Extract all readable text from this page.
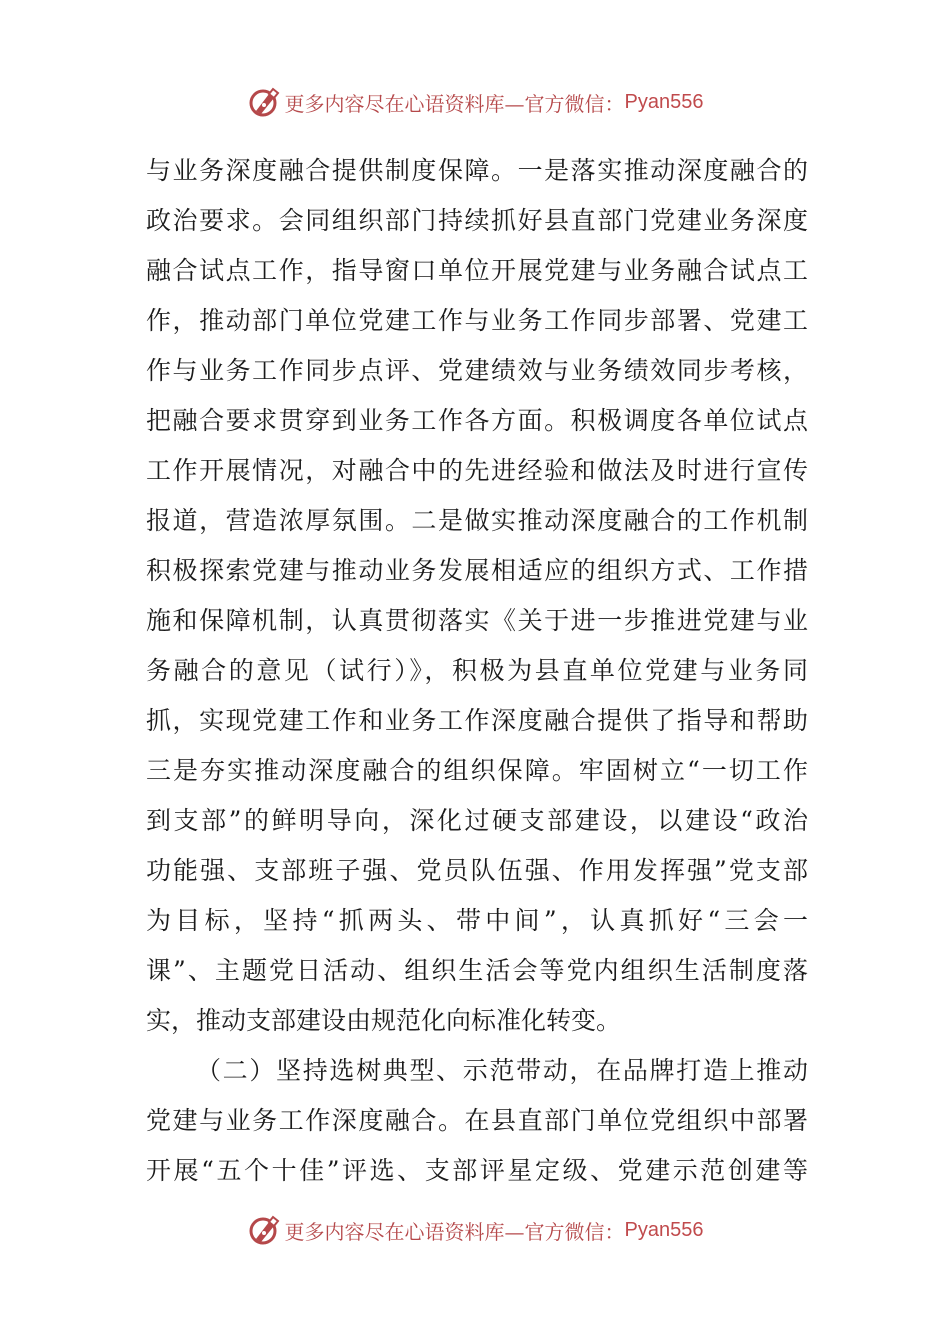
更多内容尽在心语资料库—官方微信： Pyan556
与业务深度融合提供制度保障。一是落实推动深度融合的
政治要求。会同组织部门持续抓好县直部门党建业务深度
融合试点工作，指导窗口单位开展党建与业务融合试点工
作，推动部门单位党建工作与业务工作同步部署、党建工
作与业务工作同步点评、党建绩效与业务绩效同步考核，
把融合要求贯穿到业务工作各方面。积极调度各单位试点
工作开展情况，对融合中的先进经验和做法及时进行宣传
报道，营造浓厚氛围。二是做实推动深度融合的工作机制
积极探索党建与推动业务发展相适应的组织方式、工作措
施和保障机制，认真贯彻落实《关于进一步推进党建与业
务融合的意见（试行）》，积极为县直单位党建与业务同
抓，实现党建工作和业务工作深度融合提供了指导和帮助
三是夯实推动深度融合的组织保障。牢固树立“一切工作
到支部”的鲜明导向，深化过硬支部建设，以建设“政治
功能强、支部班子强、党员队伍强、作用发挥强”党支部
为目标，坚持“抓两头、带中间”，认真抓好“三会一
课”、主题党日活动、组织生活会等党内组织生活制度落
实，推动支部建设由规范化向标准化转变。
（二）坚持选树典型、示范带动，在品牌打造上推动
党建与业务工作深度融合。在县直部门单位党组织中部署
开展“五个十佳”评选、支部评星定级、党建示范创建等
更多内容尽在心语资料库—官方微信： Pyan556
